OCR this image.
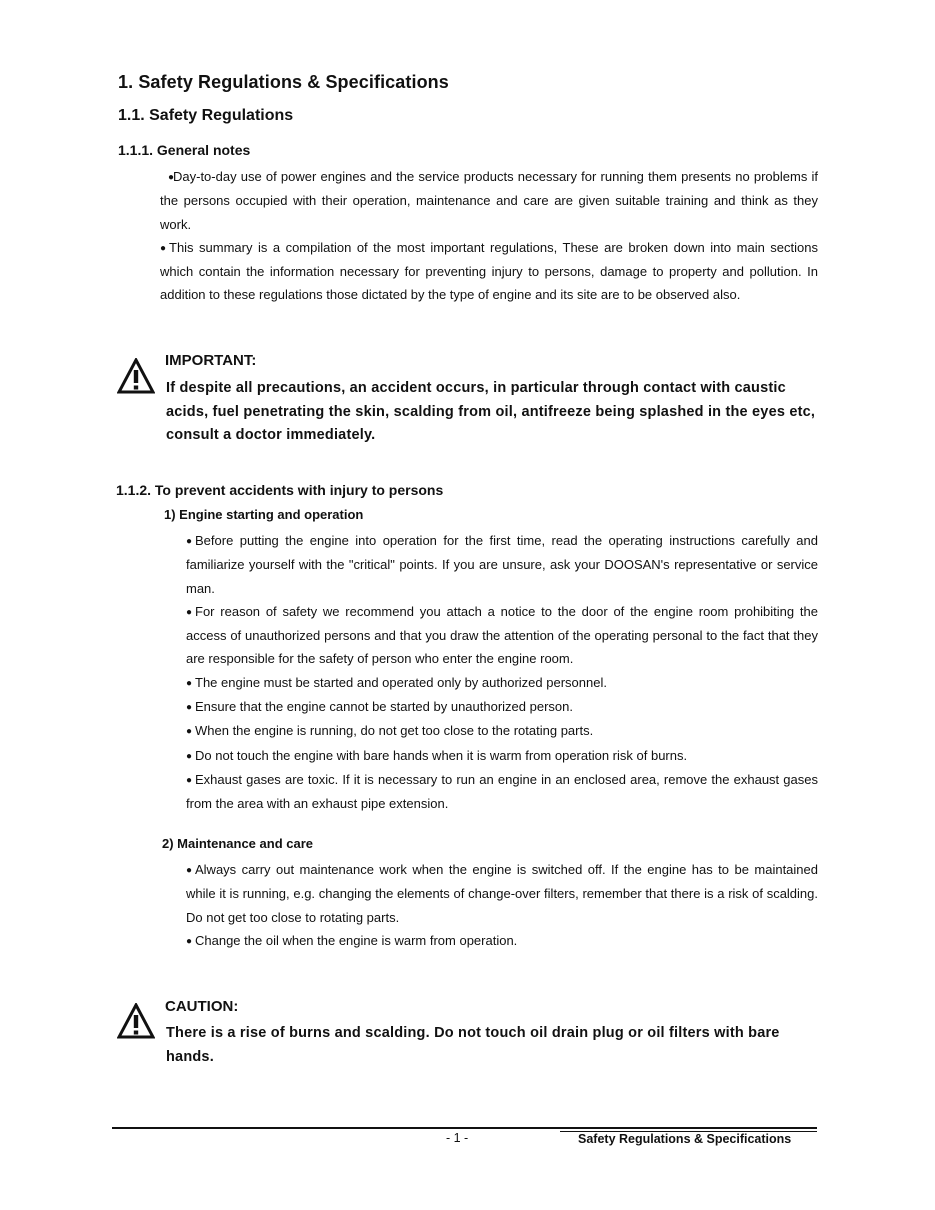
1. Safety Regulations & Specifications
1.1. Safety Regulations
1.1.1. General notes

●Day-to-day use of power engines and the service products necessary for running them presents no problems if the persons occupied with their operation, maintenance and care are given suitable training and think as they work.

● This summary is a compilation of the most important regulations, These are broken down into main sections which contain the information necessary for preventing injury to persons, damage to property and pollution. In addition to these regulations those dictated by the type of engine and its site are to be observed also.

IMPORTANT:
If despite all precautions, an accident occurs, in particular through contact with caustic acids, fuel penetrating the skin, scalding from oil, antifreeze being splashed in the eyes etc, consult a doctor immediately.
1.1.2. To prevent accidents with injury to persons
1) Engine starting and operation

● Before putting the engine into operation for the first time, read the operating instructions carefully and familiarize yourself with the "critical" points. If you are unsure, ask your DOOSAN's representative or service man.

● For reason of safety we recommend you attach a notice to the door of the engine room prohibiting the access of unauthorized persons and that you draw the attention of the operating personal to the fact that they are responsible for the safety of person who enter the engine room.

● The engine must be started and operated only by authorized personnel.

● Ensure that the engine cannot be started by unauthorized person.

● When the engine is running, do not get too close to the rotating parts.

● Do not touch the engine with bare hands when it is warm from operation risk of burns.

● Exhaust gases are toxic. If it is necessary to run an engine in an enclosed area, remove the exhaust gases from the area with an exhaust pipe extension.

2) Maintenance and care

● Always carry out maintenance work when the engine is switched off. If the engine has to be maintained while it is running, e.g. changing the elements of change-over filters, remember that there is a risk of scalding. Do not get too close to rotating parts.

● Change the oil when the engine is warm from operation.

CAUTION:
There is a rise of burns and scalding. Do not touch oil drain plug or oil filters with bare hands.
- 1 -	Safety Regulations & Specifications
